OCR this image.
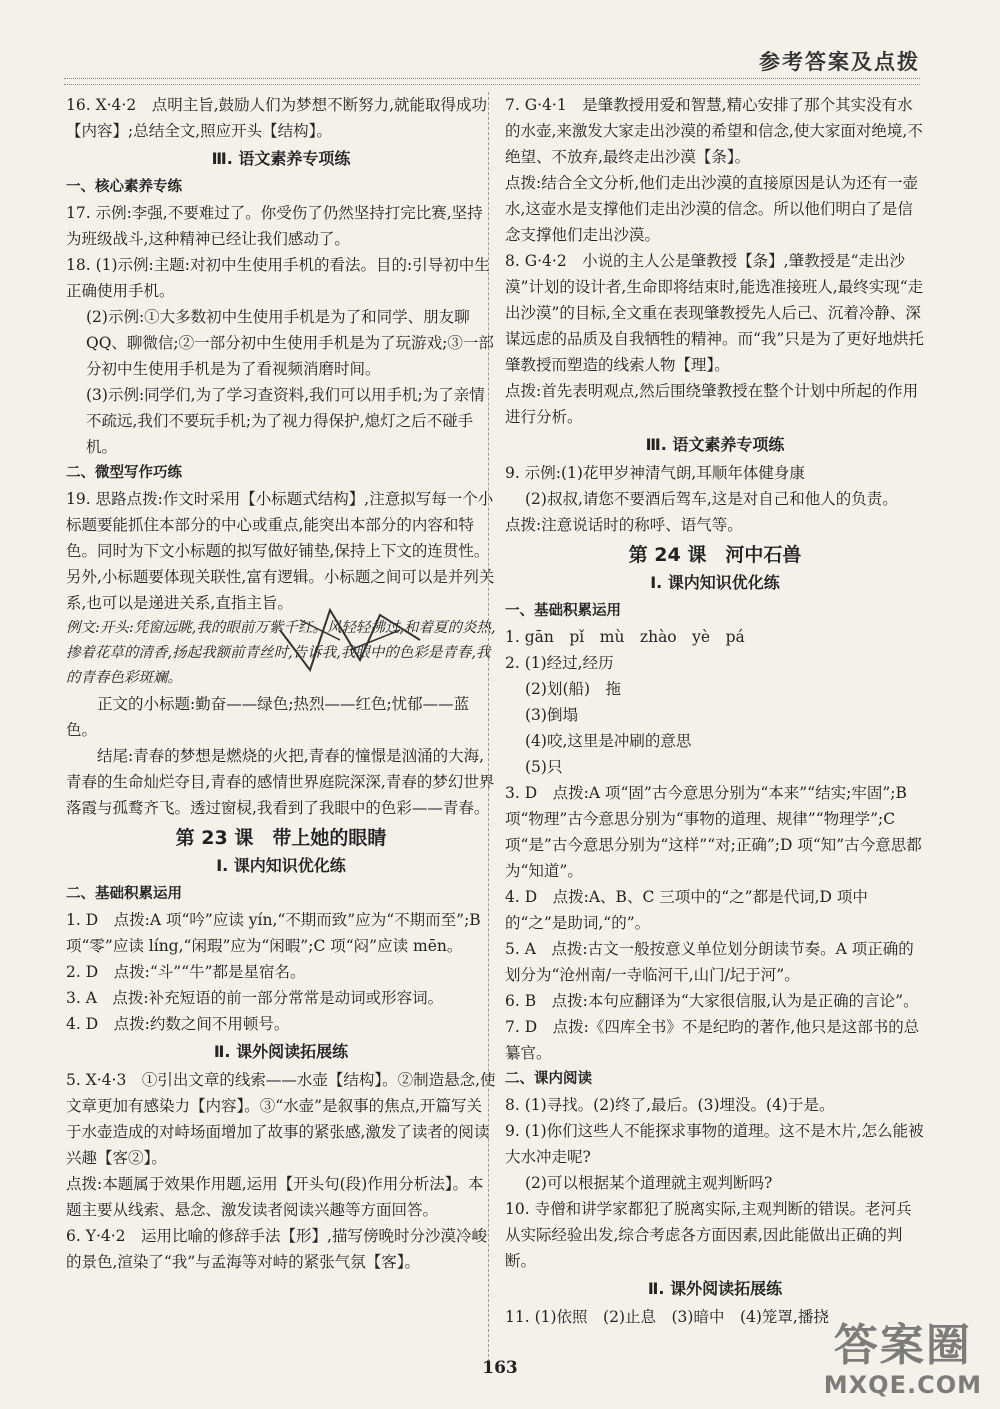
参考答案及点拨

16. X·4·2　点明主旨,鼓励人们为梦想不断努力,就能取得成功【内容】;总结全文,照应开头【结构】。

Ⅲ. 语文素养专项练

一、核心素养专练

17. 示例:李强,不要难过了。你受伤了仍然坚持打完比赛,坚持为班级战斗,这种精神已经让我们感动了。

18. (1)示例:主题:对初中生使用手机的看法。目的:引导初中生正确使用手机。

(2)示例:①大多数初中生使用手机是为了和同学、朋友聊 QQ、聊微信;②一部分初中生使用手机是为了玩游戏;③一部分初中生使用手机是为了看视频消磨时间。

(3)示例:同学们,为了学习查资料,我们可以用手机;为了亲情不疏远,我们不要玩手机;为了视力得保护,熄灯之后不碰手机。

二、微型写作巧练

19. 思路点拨:作文时采用【小标题式结构】,注意拟写每一个小标题要能抓住本部分的中心或重点,能突出本部分的内容和特色。同时为下文小标题的拟写做好铺垫,保持上下文的连贯性。另外,小标题要体现关联性,富有逻辑。小标题之间可以是并列关系,也可以是递进关系,直指主旨。

例文:开头:凭窗远眺,我的眼前万紫千红。风轻轻拂过,和着夏的炎热,掺着花草的清香,扬起我额前青丝时,告诉我,我眼中的色彩是青春,我的青春色彩斑斓。

正文的小标题:勤奋——绿色;热烈——红色;忧郁——蓝色。

结尾:青春的梦想是燃烧的火把,青春的憧憬是汹涌的大海,青春的生命灿烂夺目,青春的感情世界庭院深深,青春的梦幻世界落霞与孤鹜齐飞。透过窗棂,我看到了我眼中的色彩——青春。

第 23 课　带上她的眼睛

Ⅰ. 课内知识优化练

二、基础积累运用

1. D　点拨:A 项“吟”应读 yín,“不期而致”应为“不期而至”;B 项“零”应读 líng,“闲瑕”应为“闲暇”;C 项“闷”应读 mēn。

2. D　点拨:“斗”“牛”都是星宿名。

3. A　点拨:补充短语的前一部分常常是动词或形容词。

4. D　点拨:约数之间不用顿号。

Ⅱ. 课外阅读拓展练

5. X·4·3　①引出文章的线索——水壶【结构】。②制造悬念,使文章更加有感染力【内容】。③“水壶”是叙事的焦点,开篇写关于水壶造成的对峙场面增加了故事的紧张感,激发了读者的阅读兴趣【客②】。

点拨:本题属于效果作用题,运用【开头句(段)作用分析法】。本题主要从线索、悬念、激发读者阅读兴趣等方面回答。

6. Y·4·2　运用比喻的修辞手法【形】,描写傍晚时分沙漠冷峻的景色,渲染了“我”与孟海等对峙的紧张气氛【客】。

7. G·4·1　是肇教授用爱和智慧,精心安排了那个其实没有水的水壶,来激发大家走出沙漠的希望和信念,使大家面对绝境,不绝望、不放弃,最终走出沙漠【条】。

点拨:结合全文分析,他们走出沙漠的直接原因是认为还有一壶水,这壶水是支撑他们走出沙漠的信念。所以他们明白了是信念支撑他们走出沙漠。

8. G·4·2　小说的主人公是肇教授【条】,肇教授是“走出沙漠”计划的设计者,生命即将结束时,能选准接班人,最终实现“走出沙漠”的目标,全文重在表现肇教授先人后己、沉着冷静、深谋远虑的品质及自我牺牲的精神。而“我”只是为了更好地烘托肇教授而塑造的线索人物【理】。

点拨:首先表明观点,然后围绕肇教授在整个计划中所起的作用进行分析。

Ⅲ. 语文素养专项练

9. 示例:(1)花甲岁神清气朗,耳顺年体健身康

(2)叔叔,请您不要酒后驾车,这是对自己和他人的负责。

点拨:注意说话时的称呼、语气等。

第 24 课　河中石兽

Ⅰ. 课内知识优化练

一、基础积累运用

1. gān　pǐ　mù　zhào　yè　pá

2. (1)经过,经历

(2)划(船)　拖

(3)倒塌

(4)咬,这里是冲刷的意思

(5)只

3. D　点拨:A 项“固”古今意思分别为“本来”“结实;牢固”;B 项“物理”古今意思分别为“事物的道理、规律”“物理学”;C 项“是”古今意思分别为“这样”“对;正确”;D 项“知”古今意思都为“知道”。

4. D　点拨:A、B、C 三项中的“之”都是代词,D 项中的“之”是助词,“的”。

5. A　点拨:古文一般按意义单位划分朗读节奏。A 项正确的划分为“沧州南/一寺临河干,山门/圮于河”。

6. B　点拨:本句应翻译为“大家很信服,认为是正确的言论”。

7. D　点拨:《四库全书》不是纪昀的著作,他只是这部书的总纂官。

二、课内阅读

8. (1)寻找。(2)终了,最后。(3)埋没。(4)于是。

9. (1)你们这些人不能探求事物的道理。这不是木片,怎么能被大水冲走呢?

(2)可以根据某个道理就主观判断吗?

10. 寺僧和讲学家都犯了脱离实际,主观判断的错误。老河兵从实际经验出发,综合考虑各方面因素,因此能做出正确的判断。

Ⅱ. 课外阅读拓展练

11. (1)依照　(2)止息　(3)暗中　(4)笼罩,播挠

163	答案圈
MXQE.COM
